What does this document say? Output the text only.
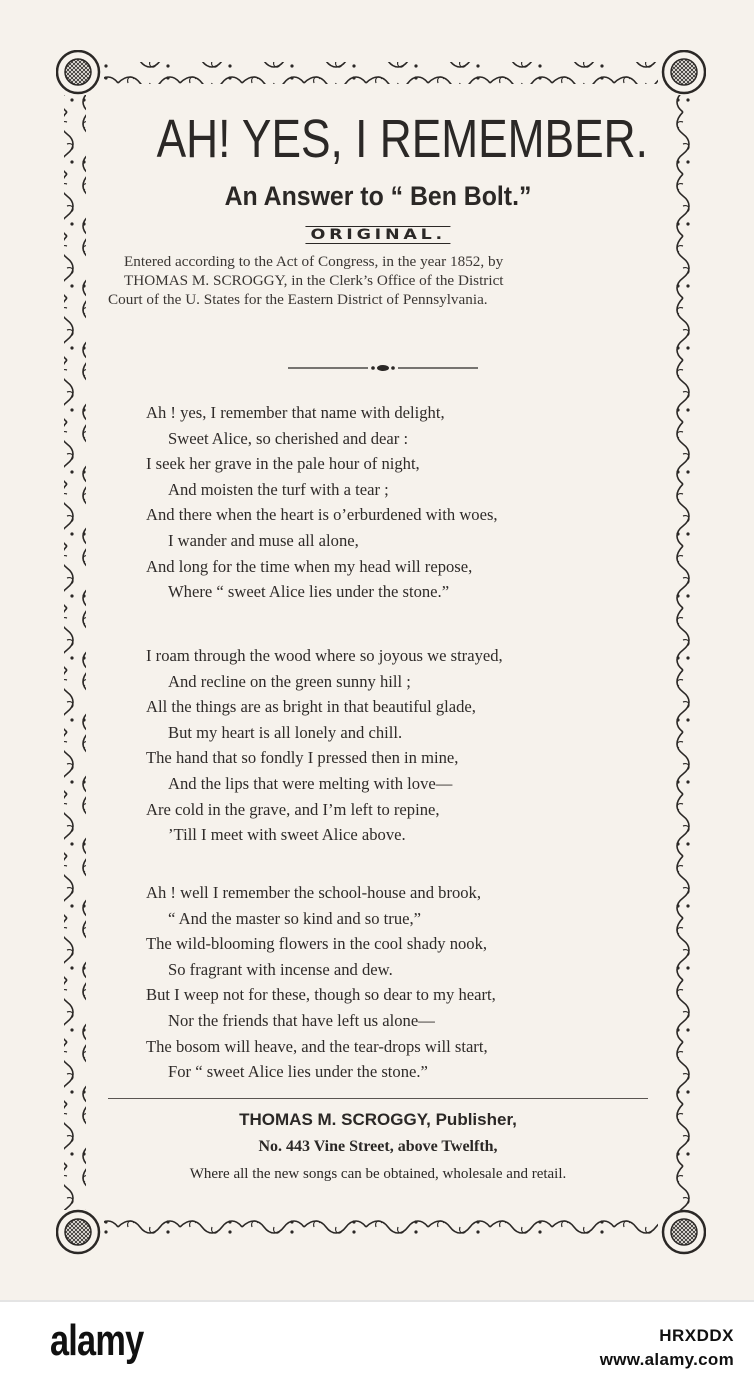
AH! YES, I REMEMBER.
An Answer to “ Ben Bolt.”
ORIGINAL.
Entered according to the Act of Congress, in the year 1852, by
THOMAS M. SCROGGY, in the Clerk’s Office of the District
Court of the U. States for the Eastern District of Pennsylvania.
Ah ! yes, I remember that name with delight,
Sweet Alice, so cherished and dear :
I seek her grave in the pale hour of night,
And moisten the turf with a tear ;
And there when the heart is o’erburdened with woes,
I wander and muse all alone,
And long for the time when my head will repose,
Where “ sweet Alice lies under the stone.”
I roam through the wood where so joyous we strayed,
And recline on the green sunny hill ;
All the things are as bright in that beautiful glade,
But my heart is all lonely and chill.
The hand that so fondly I pressed then in mine,
And the lips that were melting with love—
Are cold in the grave, and I’m left to repine,
’Till I meet with sweet Alice above.
Ah ! well I remember the school-house and brook,
“ And the master so kind and so true,”
The wild-blooming flowers in the cool shady nook,
So fragrant with incense and dew.
But I weep not for these, though so dear to my heart,
Nor the friends that have left us alone—
The bosom will heave, and the tear-drops will start,
For “ sweet Alice lies under the stone.”
THOMAS M. SCROGGY, Publisher,
No. 443 Vine Street, above Twelfth,
Where all the new songs can be obtained, wholesale and retail.
alamy	HRXDDX
www.alamy.com
